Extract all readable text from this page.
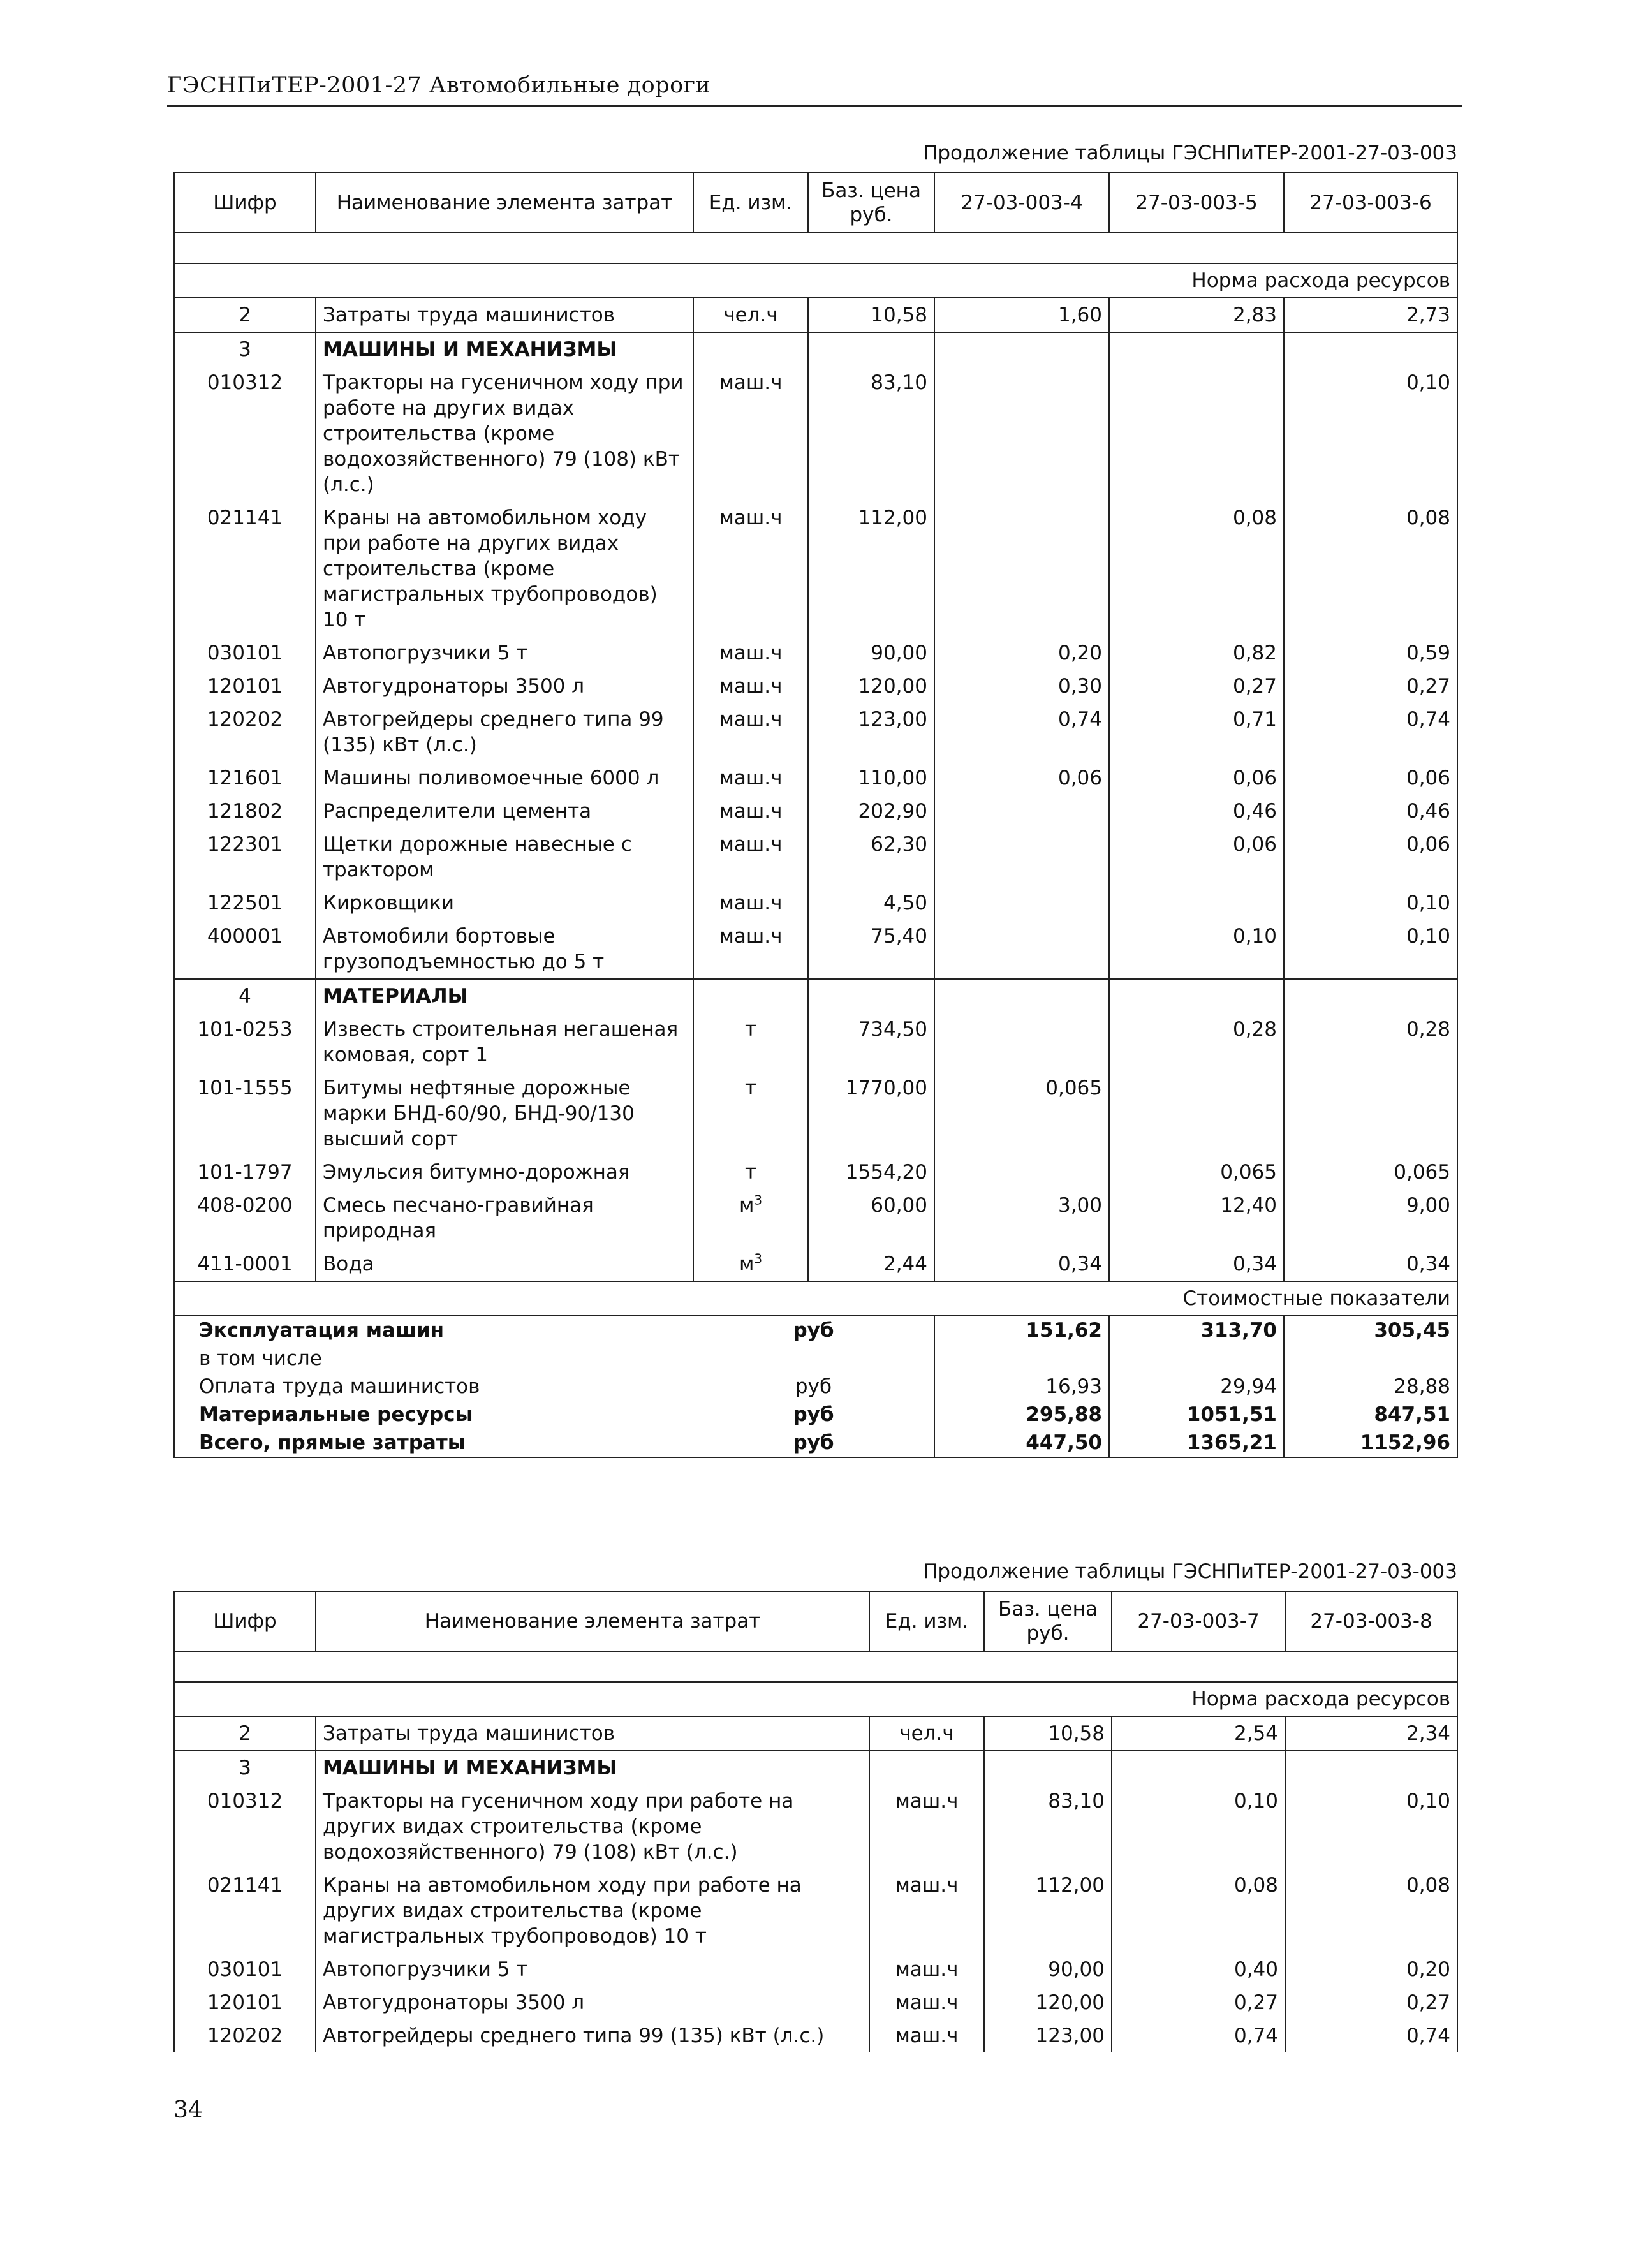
ГЭСНПиТЕР-2001-27 Автомобильные дороги
Продолжение таблицы ГЭСНПиТЕР-2001-27-03-003
Шифр	Наименование элемента затрат	Ед. изм.	Баз. цена руб.	27-03-003-4	27-03-003-5	27-03-003-6

Норма расхода ресурсов						
2	Затраты труда машинистов	чел.ч	10,58	1,60	2,83	2,73
3	МАШИНЫ И МЕХАНИЗМЫ					
010312	Тракторы на гусеничном ходу при работе на других видах строительства (кроме водохозяйственного) 79 (108) кВт (л.с.)	маш.ч	83,10			0,10
021141	Краны на автомобильном ходу при работе на других видах строительства (кроме магистральных трубопроводов) 10 т	маш.ч	112,00		0,08	0,08
030101	Автопогрузчики 5 т	маш.ч	90,00	0,20	0,82	0,59
120101	Автогудронаторы 3500 л	маш.ч	120,00	0,30	0,27	0,27
120202	Автогрейдеры среднего типа 99 (135) кВт (л.с.)	маш.ч	123,00	0,74	0,71	0,74
121601	Машины поливомоечные 6000 л	маш.ч	110,00	0,06	0,06	0,06
121802	Распределители цемента	маш.ч	202,90		0,46	0,46
122301	Щетки дорожные навесные с трактором	маш.ч	62,30		0,06	0,06
122501	Кирковщики	маш.ч	4,50			0,10
400001	Автомобили бортовые грузоподъемностью до 5 т	маш.ч	75,40		0,10	0,10
4	МАТЕРИАЛЫ					
101-0253	Известь строительная негашеная комовая, сорт 1	т	734,50		0,28	0,28
101-1555	Битумы нефтяные дорожные марки БНД-60/90, БНД-90/130 высший сорт	т	1770,00	0,065		
101-1797	Эмульсия битумно-дорожная	т	1554,20		0,065	0,065
408-0200	Смесь песчано-гравийная природная	$м^3$	60,00	3,00	12,40	9,00
411-0001	Вода	$м^3$	2,44	0,34	0,34	0,34
Стоимостные показатели						
Эксплуатация машин		руб		151,62	313,70	305,45
в том числе						
Оплата труда машинистов		руб		16,93	29,94	28,88
Материальные ресурсы		руб		295,88	1051,51	847,51
Всего, прямые затраты		руб		447,50	1365,21	1152,96
Продолжение таблицы ГЭСНПиТЕР-2001-27-03-003
Шифр	Наименование элемента затрат	Ед. изм.	Баз. цена руб.	27-03-003-7	27-03-003-8

Норма расхода ресурсов					
2	Затраты труда машинистов	чел.ч	10,58	2,54	2,34
3	МАШИНЫ И МЕХАНИЗМЫ				
010312	Тракторы на гусеничном ходу при работе на других видах строительства (кроме водохозяйственного) 79 (108) кВт (л.с.)	маш.ч	83,10	0,10	0,10
021141	Краны на автомобильном ходу при работе на других видах строительства (кроме магистральных трубопроводов) 10 т	маш.ч	112,00	0,08	0,08
030101	Автопогрузчики 5 т	маш.ч	90,00	0,40	0,20
120101	Автогудронаторы 3500 л	маш.ч	120,00	0,27	0,27
120202	Автогрейдеры среднего типа 99 (135) кВт (л.с.)	маш.ч	123,00	0,74	0,74
34
